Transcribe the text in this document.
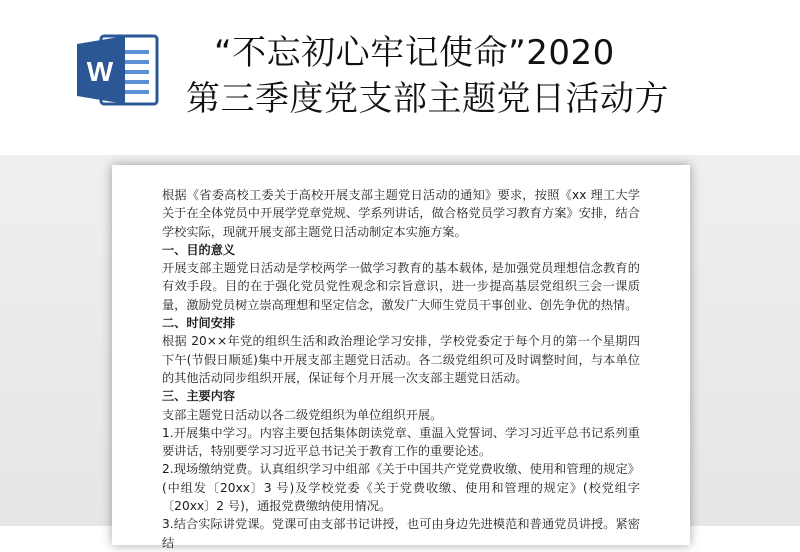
W	“不忘初心牢记使命”2020
第三季度党支部主题党日活动方

根据《省委高校工委关于高校开展支部主题党日活动的通知》要求，按照《xx 理工大学关于在全体党员中开展学党章党规、学系列讲话，做合格党员学习教育方案》安排，结合学校实际，现就开展支部主题党日活动制定本实施方案。

一、目的意义

开展支部主题党日活动是学校两学一做学习教育的基本载体, 是加强党员理想信念教育的有效手段。目的在于强化党员党性观念和宗旨意识，进一步提高基层党组织三会一课质量，激励党员树立崇高理想和坚定信念，激发广大师生党员干事创业、创先争优的热情。

二、时间安排

根据 20××年党的组织生活和政治理论学习安排，学校党委定于每个月的第一个星期四下午(节假日顺延)集中开展支部主题党日活动。各二级党组织可及时调整时间，与本单位的其他活动同步组织开展，保证每个月开展一次支部主题党日活动。

三、主要内容

支部主题党日活动以各二级党组织为单位组织开展。

1.开展集中学习。内容主要包括集体朗读党章、重温入党誓词、学习习近平总书记系列重要讲话，特别要学习习近平总书记关于教育工作的重要论述。

2.现场缴纳党费。认真组织学习中组部《关于中国共产党党费收缴、使用和管理的规定》(中组发〔20xx〕3 号)及学校党委《关于党费收缴、使用和管理的规定》(校党组字〔20xx〕2 号)，通报党费缴纳使用情况。

3.结合实际讲党课。党课可由支部书记讲授，也可由身边先进模范和普通党员讲授。紧密结
